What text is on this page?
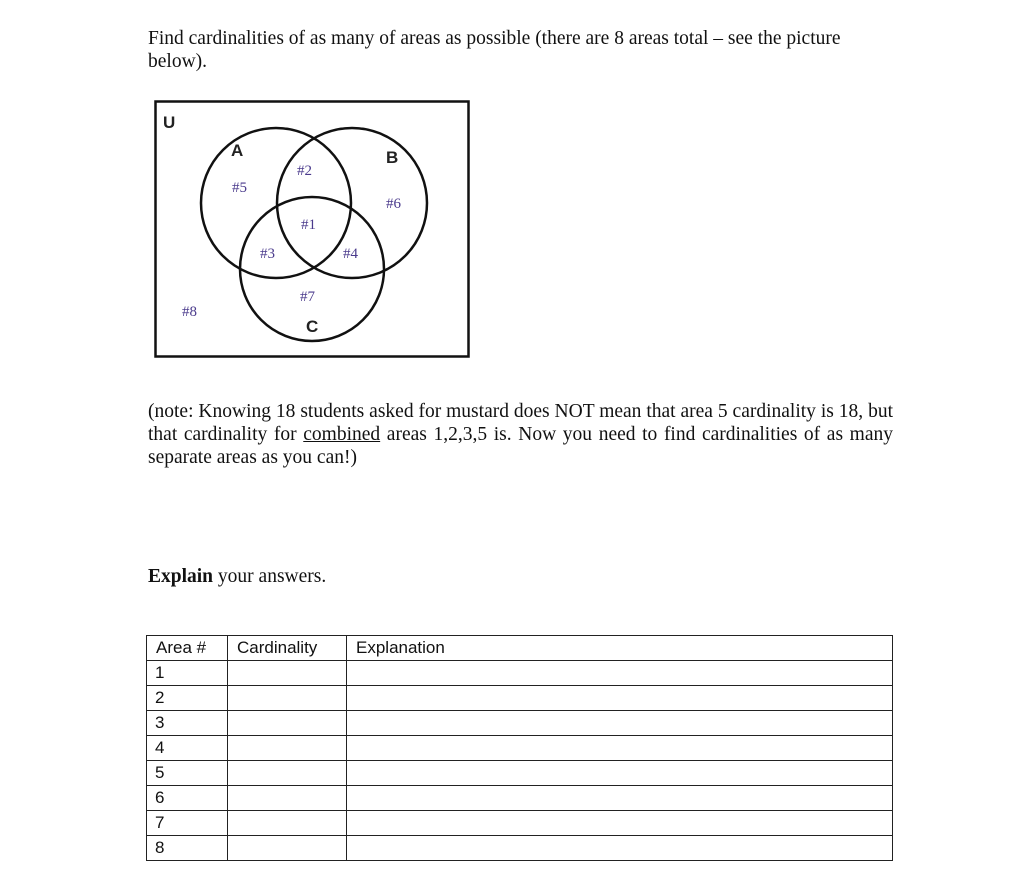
Find cardinalities of as many of areas as possible (there are 8 areas total – see the picture below).
U
A	B
C
#1
#2
#3	#4
#5
#6
#7
#8
(note: Knowing 18 students asked for mustard does NOT mean that area 5 cardinality is 18, but that cardinality for combined areas 1,2,3,5 is. Now you need to find cardinalities of as many separate areas as you can!)
Explain your answers.
Area #	Cardinality	Explanation
1		
2		
3		
4		
5		
6		
7		
8		
